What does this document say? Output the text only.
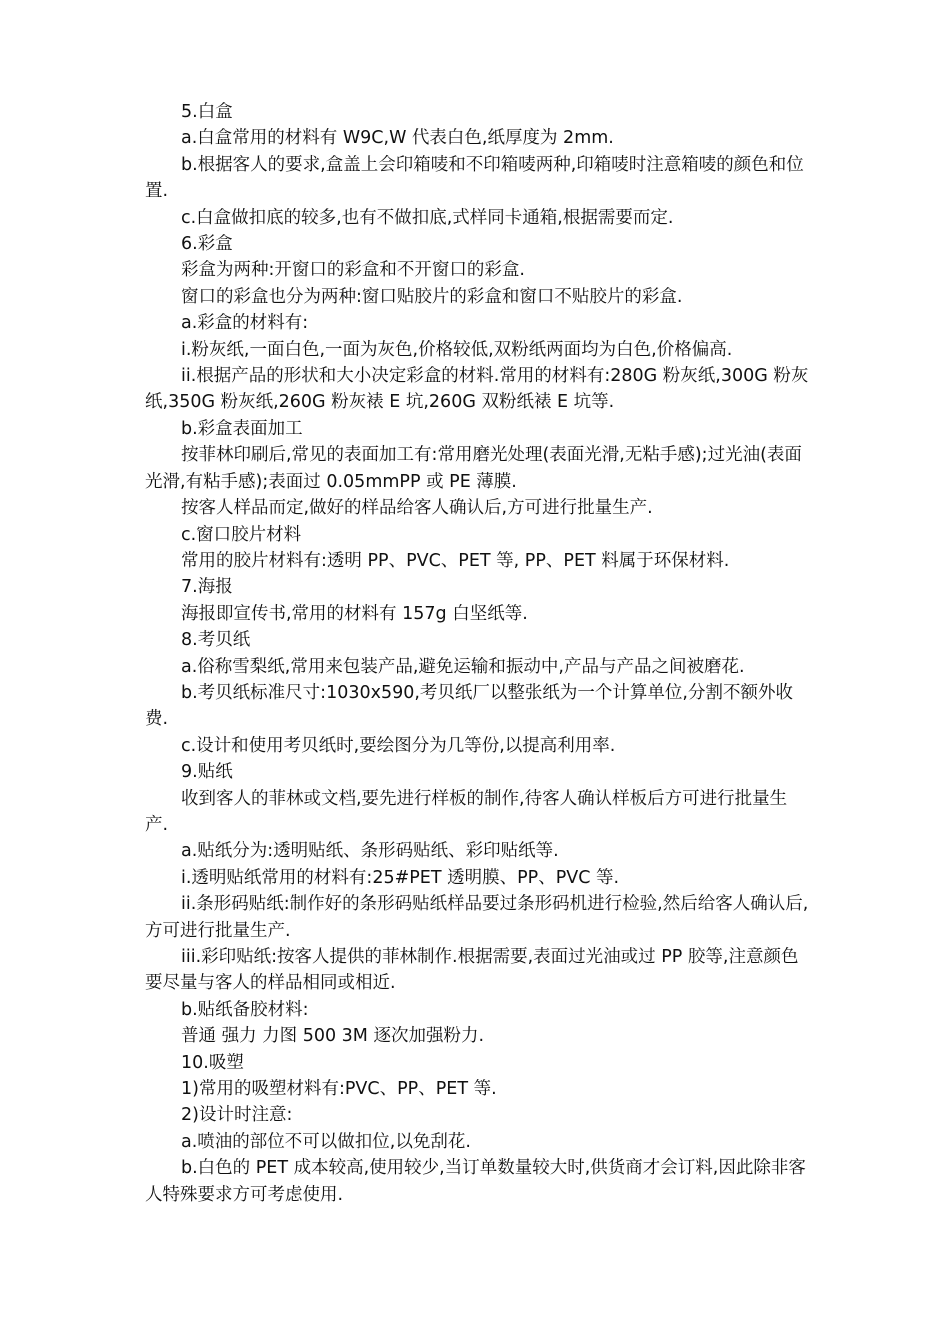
5.白盒

a.白盒常用的材料有 W9C,W 代表白色,纸厚度为 2mm.

b.根据客人的要求,盒盖上会印箱唛和不印箱唛两种,印箱唛时注意箱唛的颜色和位置.

c.白盒做扣底的较多,也有不做扣底,式样同卡通箱,根据需要而定.

6.彩盒

彩盒为两种:开窗口的彩盒和不开窗口的彩盒.

窗口的彩盒也分为两种:窗口贴胶片的彩盒和窗口不贴胶片的彩盒.

a.彩盒的材料有:

i.粉灰纸,一面白色,一面为灰色,价格较低,双粉纸两面均为白色,价格偏高.

ii.根据产品的形状和大小决定彩盒的材料.常用的材料有:280G 粉灰纸,300G 粉灰纸,350G 粉灰纸,260G 粉灰裱 E 坑,260G 双粉纸裱 E 坑等.

b.彩盒表面加工

按菲林印刷后,常见的表面加工有:常用磨光处理(表面光滑,无粘手感);过光油(表面光滑,有粘手感);表面过 0.05mmPP 或 PE 薄膜.

按客人样品而定,做好的样品给客人确认后,方可进行批量生产.

c.窗口胶片材料

常用的胶片材料有:透明 PP、PVC、PET 等, PP、PET 料属于环保材料.

7.海报

海报即宣传书,常用的材料有 157g 白坚纸等.

8.考贝纸

a.俗称雪梨纸,常用来包装产品,避免运输和振动中,产品与产品之间被磨花.

b.考贝纸标准尺寸:1030x590,考贝纸厂以整张纸为一个计算单位,分割不额外收费.

c.设计和使用考贝纸时,要绘图分为几等份,以提高利用率.

9.贴纸

收到客人的菲林或文档,要先进行样板的制作,待客人确认样板后方可进行批量生产.

a.贴纸分为:透明贴纸、条形码贴纸、彩印贴纸等.

i.透明贴纸常用的材料有:25#PET 透明膜、PP、PVC 等.

ii.条形码贴纸:制作好的条形码贴纸样品要过条形码机进行检验,然后给客人确认后,方可进行批量生产.

iii.彩印贴纸:按客人提供的菲林制作.根据需要,表面过光油或过 PP 胶等,注意颜色要尽量与客人的样品相同或相近.

b.贴纸备胶材料:

普通 强力 力图 500 3M 逐次加强粉力.

10.吸塑

1)常用的吸塑材料有:PVC、PP、PET 等.

2)设计时注意:

a.喷油的部位不可以做扣位,以免刮花.

b.白色的 PET 成本较高,使用较少,当订单数量较大时,供货商才会订料,因此除非客人特殊要求方可考虑使用.
